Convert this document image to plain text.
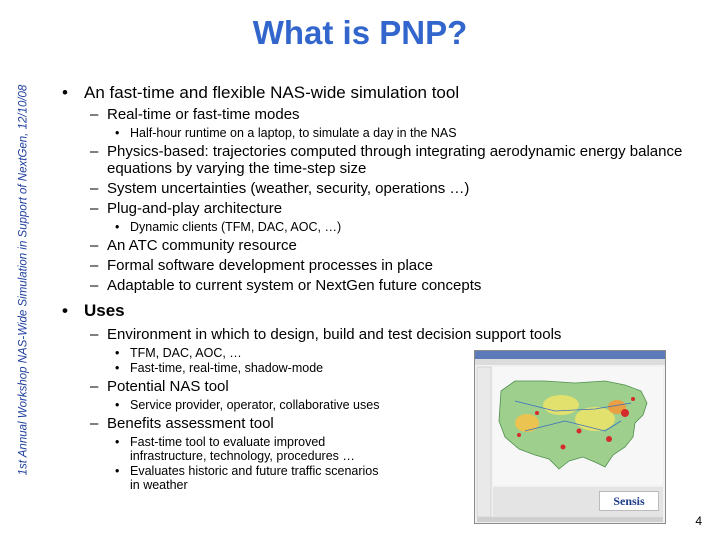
1st Annual Workshop NAS-Wide Simulation in Support of NextGen, 12/10/08
What is PNP?
• An fast-time and flexible NAS-wide simulation tool
– Real-time or fast-time modes
• Half-hour runtime on a laptop, to simulate a day in the NAS
– Physics-based: trajectories computed through integrating aerodynamic energy balance equations by varying the time-step size
– System uncertainties (weather, security, operations …)
– Plug-and-play architecture
• Dynamic clients (TFM, DAC, AOC, …)
– An ATC community resource
– Formal software development processes in place
– Adaptable to current system or NextGen future concepts
• Uses
– Environment in which to design, build and test decision support tools
• TFM, DAC, AOC, …
• Fast-time, real-time, shadow-mode
– Potential NAS tool
• Service provider, operator, collaborative uses
– Benefits assessment tool
• Fast-time tool to evaluate improved infrastructure, technology, procedures …
• Evaluates historic and future traffic scenarios in weather
Sensis
4
